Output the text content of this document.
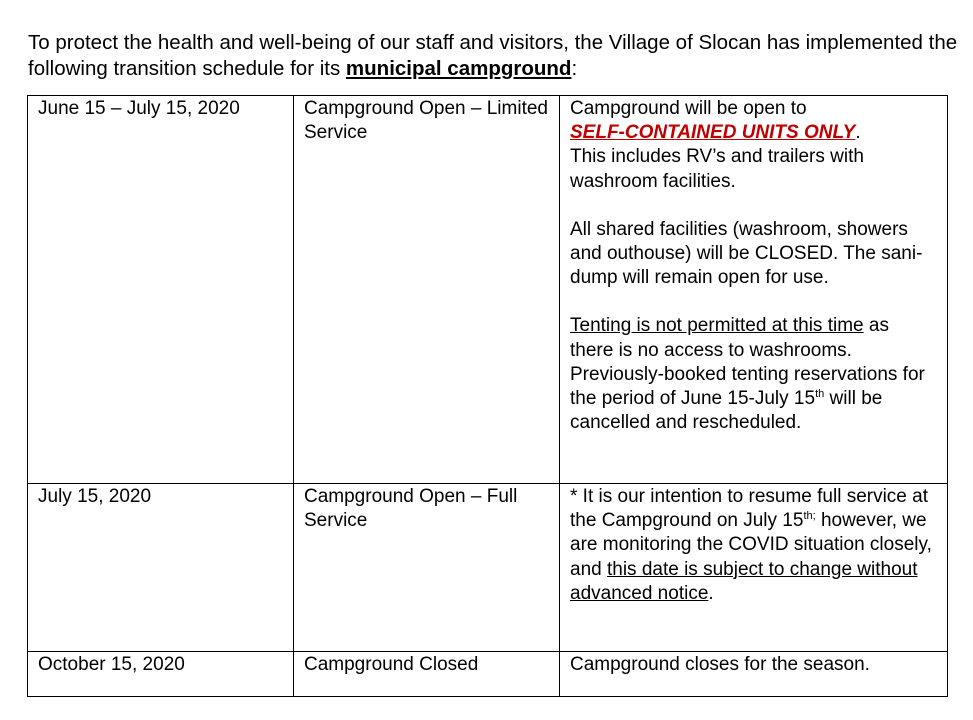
To protect the health and well-being of our staff and visitors, the Village of Slocan has implemented the following transition schedule for its municipal campground:

June 15 – July 15, 2020	Campground Open – Limited Service	Campground will be open to
SELF-CONTAINED UNITS ONLY.
This includes RV’s and trailers with washroom facilities.

All shared facilities (washroom, showers and outhouse) will be CLOSED. The sani-dump will remain open for use.

Tenting is not permitted at this time as there is no access to washrooms. Previously-booked tenting reservations for the period of June 15-July 15th will be cancelled and rescheduled.

July 15, 2020	Campground Open – Full Service	* It is our intention to resume full service at the Campground on July $15^{th;}$ however, we are monitoring the COVID situation closely, and this date is subject to change without advanced notice.

October 15, 2020	Campground Closed	Campground closes for the season.
